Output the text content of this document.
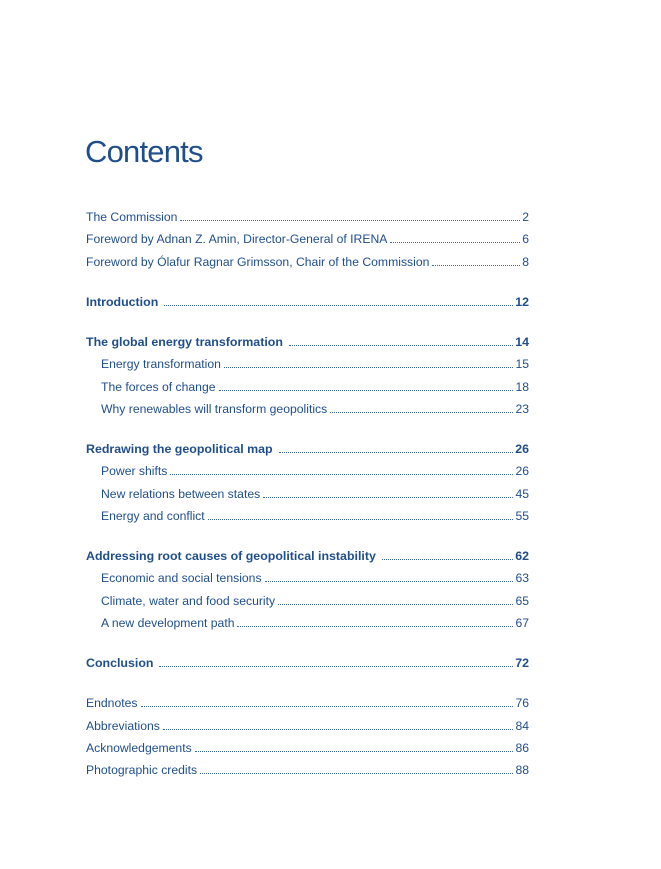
Contents
The Commission	2
Foreword by Adnan Z. Amin, Director-General of IRENA	6
Foreword by Ólafur Ragnar Grimsson, Chair of the Commission	8
Introduction	12
The global energy transformation	14
Energy transformation	15
The forces of change	18
Why renewables will transform geopolitics	23
Redrawing the geopolitical map	26
Power shifts	26
New relations between states	45
Energy and conflict	55
Addressing root causes of geopolitical instability	62
Economic and social tensions	63
Climate, water and food security	65
A new development path	67
Conclusion	72
Endnotes	76
Abbreviations	84
Acknowledgements	86
Photographic credits	88
